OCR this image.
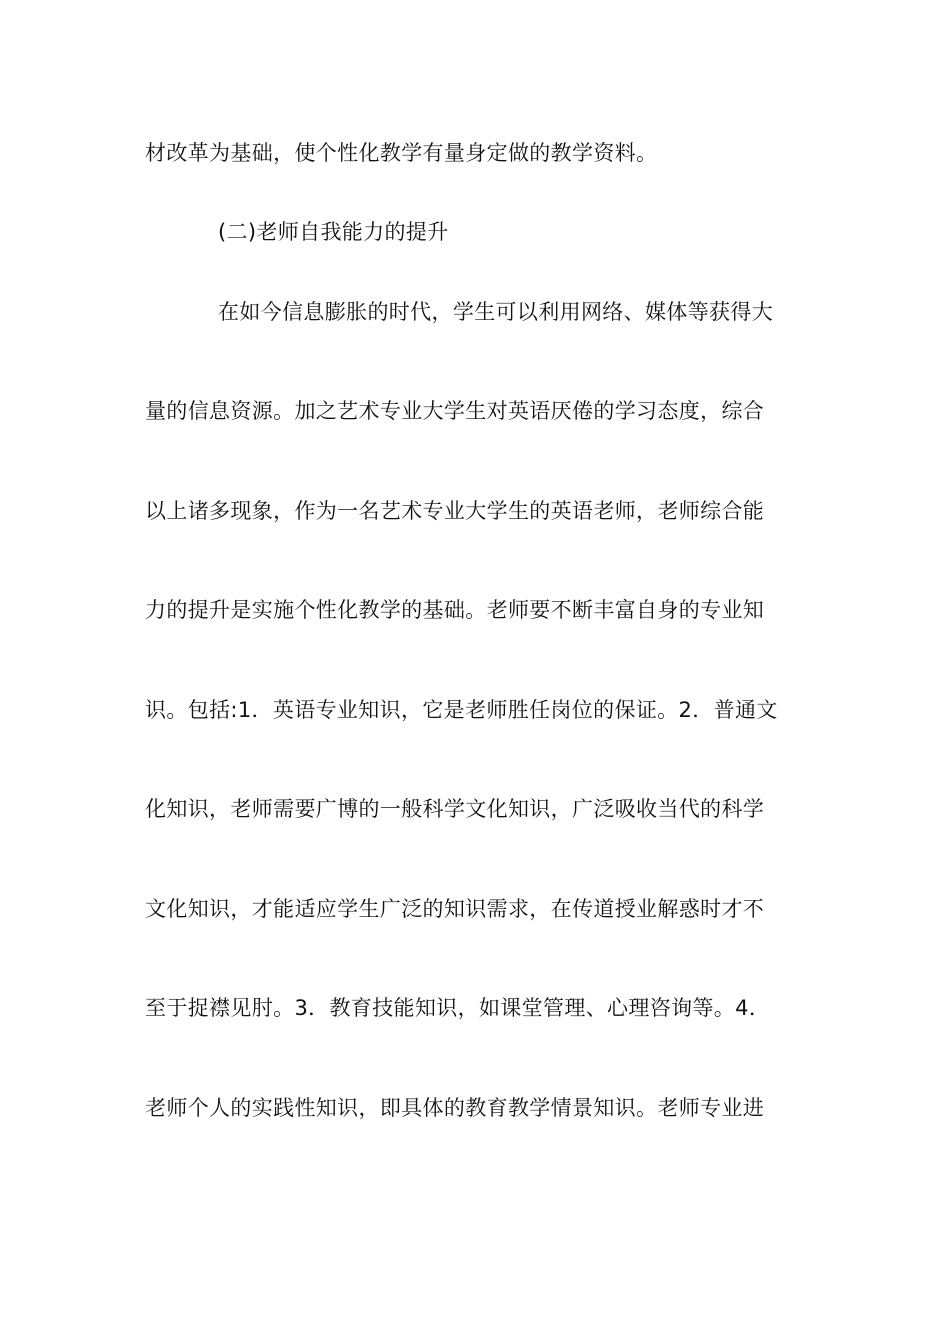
材改革为基础，使个性化教学有量身定做的教学资料。
(二)老师自我能力的提升
在如今信息膨胀的时代，学生可以利用网络、媒体等获得大
量的信息资源。加之艺术专业大学生对英语厌倦的学习态度，综合
以上诸多现象，作为一名艺术专业大学生的英语老师，老师综合能
力的提升是实施个性化教学的基础。老师要不断丰富自身的专业知
识。包括:1．英语专业知识，它是老师胜任岗位的保证。2．普通文
化知识，老师需要广博的一般科学文化知识，广泛吸收当代的科学
文化知识，才能适应学生广泛的知识需求，在传道授业解惑时才不
至于捉襟见肘。3．教育技能知识，如课堂管理、心理咨询等。4．
老师个人的实践性知识，即具体的教育教学情景知识。老师专业进
